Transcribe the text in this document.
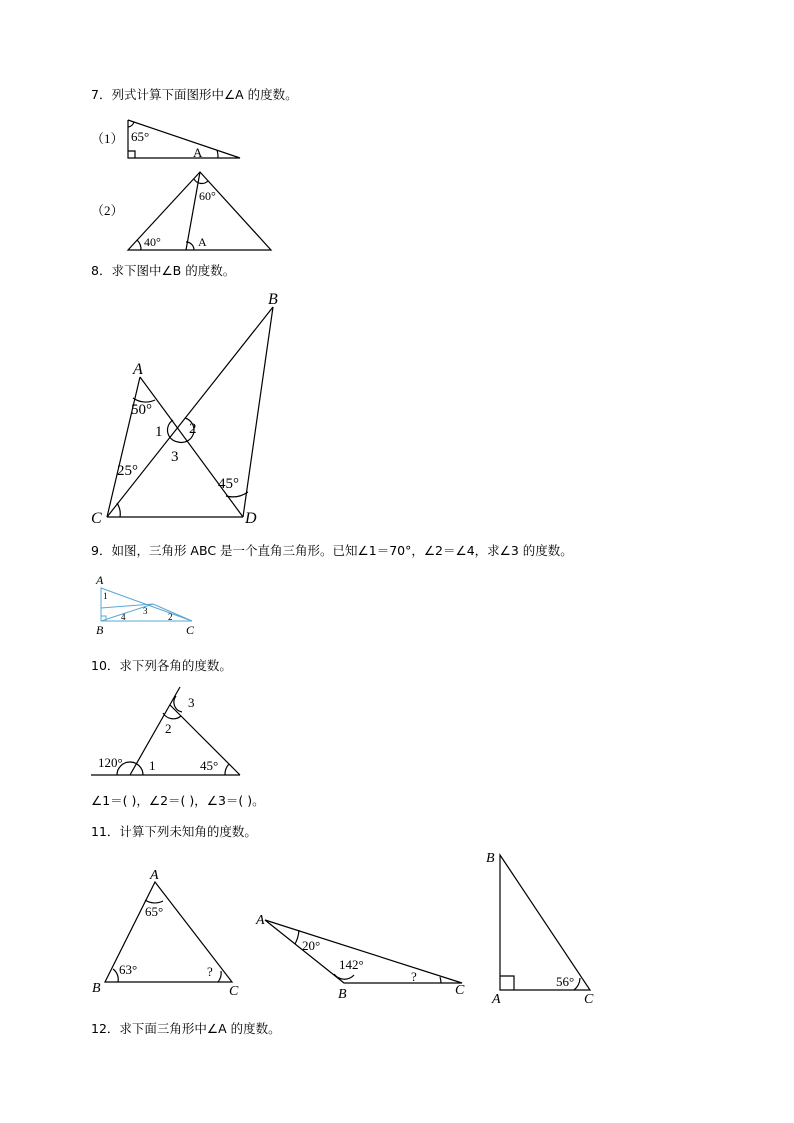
7．列式计算下面图形中∠A 的度数。
8．求下图中∠B 的度数。
9．如图，三角形 ABC 是一个直角三角形。已知∠1＝70°，∠2＝∠4，求∠3 的度数。
10．求下列各角的度数。
∠1＝( )，∠2＝( )，∠3＝( )。
11．计算下列未知角的度数。
12．求下面三角形中∠A 的度数。
（1） 65°
A
（2）
60°
40°	A
A
B
C	D
50°
25°
45°
1 2
3
A
B	C
1
3
4	2
120°	45°
1
2
3
A
B	C
65°
63°	?
A
B	C
20°
142°
?
B
A	C
56°
